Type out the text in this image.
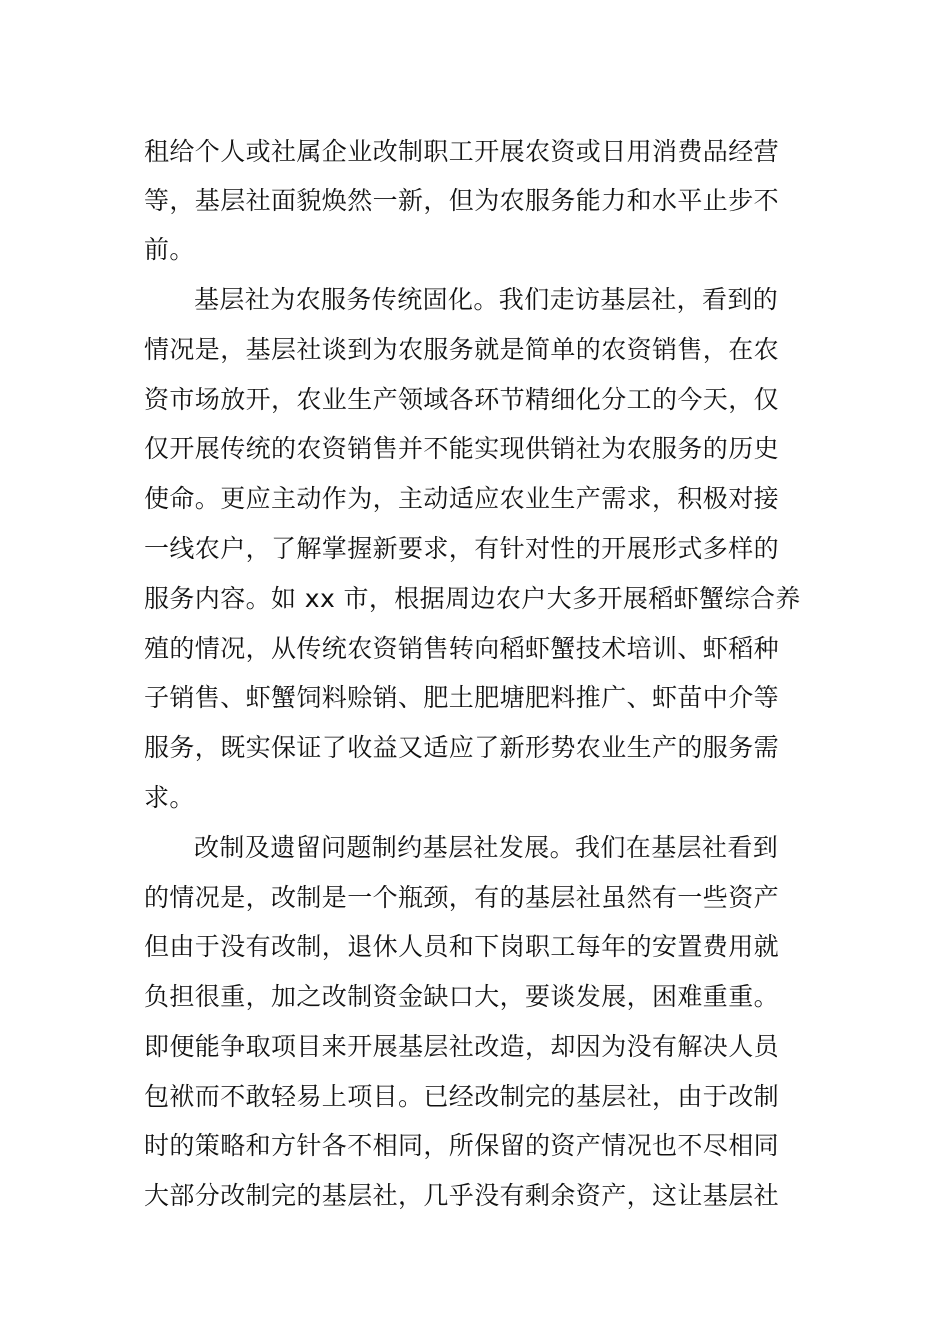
租给个人或社属企业改制职工开展农资或日用消费品经营

等，基层社面貌焕然一新，但为农服务能力和水平止步不

前。

基层社为农服务传统固化。我们走访基层社，看到的

情况是，基层社谈到为农服务就是简单的农资销售，在农

资市场放开，农业生产领域各环节精细化分工的今天，仅

仅开展传统的农资销售并不能实现供销社为农服务的历史

使命。更应主动作为，主动适应农业生产需求，积极对接

一线农户，了解掌握新要求，有针对性的开展形式多样的

服务内容。如 xx 市，根据周边农户大多开展稻虾蟹综合养

殖的情况，从传统农资销售转向稻虾蟹技术培训、虾稻种

子销售、虾蟹饲料赊销、肥土肥塘肥料推广、虾苗中介等

服务，既实保证了收益又适应了新形势农业生产的服务需

求。

改制及遗留问题制约基层社发展。我们在基层社看到

的情况是，改制是一个瓶颈，有的基层社虽然有一些资产

但由于没有改制，退休人员和下岗职工每年的安置费用就

负担很重，加之改制资金缺口大，要谈发展，困难重重。

即便能争取项目来开展基层社改造，却因为没有解决人员

包袱而不敢轻易上项目。已经改制完的基层社，由于改制

时的策略和方针各不相同，所保留的资产情况也不尽相同

大部分改制完的基层社，几乎没有剩余资产，这让基层社
